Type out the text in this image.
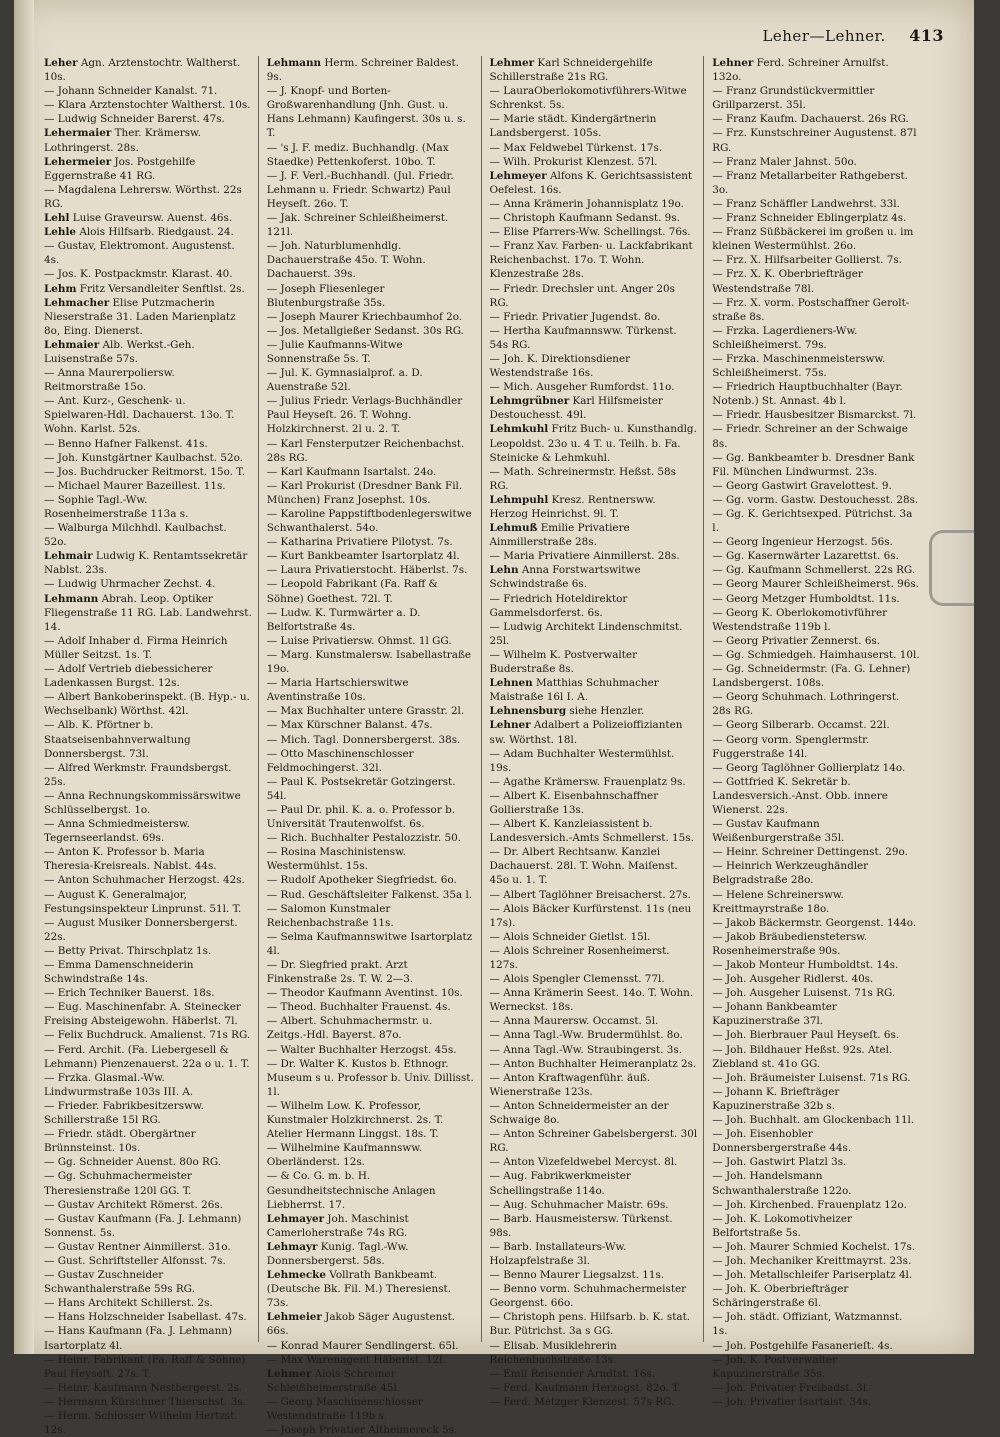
Leher—Lehner. 413

Leher Agn. Arztenstochtr. Waltherst. 10s.

— Johann Schneider Kanalst. 71.

— Klara Arztenstochter Waltherst. 10s.

— Ludwig Schneider Barerst. 47s.

Lehermaier Ther. Krämersw. Lothringerst. 28s.

Lehermeier Jos. Postgehilfe Eggernstraße 41 RG.

— Magdalena Lehrersw. Wörthst. 22s RG.

Lehl Luise Graveursw. Auenst. 46s.

Lehle Alois Hilfsarb. Riedgaust. 24.

— Gustav, Elektromont. Augustenst. 4s.

— Jos. K. Postpackmstr. Klarast. 40.

Lehm Fritz Versandleiter Senftlst. 2s.

Lehmacher Elise Putzmacherin Nieserstraße 31. Laden Marienplatz 8o, Eing. Dienerst.

Lehmaier Alb. Werkst.-Geh. Luisenstraße 57s.

— Anna Maurerpoliersw. Reitmorstraße 15o.

— Ant. Kurz-, Geschenk- u. Spielwaren-Hdl. Dachauerst. 13o. T. Wohn. Karlst. 52s.

— Benno Hafner Falkenst. 41s.

— Joh. Kunstgärtner Kaulbachst. 52o.

— Jos. Buchdrucker Reitmorst. 15o. T.

— Michael Maurer Bazeillest. 11s.

— Sophie Tagl.-Ww. Rosenheimerstraße 113a s.

— Walburga Milchhdl. Kaulbachst. 52o.

Lehmair Ludwig K. Rentamtssekretär Nablst. 23s.

— Ludwig Uhrmacher Zechst. 4.

Lehmann Abrah. Leop. Optiker Fliegenstraße 11 RG. Lab. Landwehrst. 14.

— Adolf Inhaber d. Firma Heinrich Müller Seitzst. 1s. T.

— Adolf Vertrieb diebessicherer Ladenkassen Burgst. 12s.

— Albert Bankoberinspekt. (B. Hyp.- u. Wechselbank) Wörthst. 42l.

— Alb. K. Pförtner b. Staatseisenbahnverwaltung Donnersbergst. 73l.

— Alfred Werkmstr. Fraundsbergst. 25s.

— Anna Rechnungskommissärswitwe Schlüsselbergst. 1o.

— Anna Schmiedmeistersw. Tegernseerlandst. 69s.

— Anton K. Professor b. Maria Theresia-Kreisreals. Nablst. 44s.

— Anton Schuhmacher Herzogst. 42s.

— August K. Generalmajor, Festungsinspekteur Linprunst. 51l. T.

— August Musiker Donnersbergerst. 22s.

— Betty Privat. Thirschplatz 1s.

— Emma Damenschneiderin Schwindstraße 14s.

— Erich Techniker Bauerst. 18s.

— Eug. Maschinenfabr. A. Steinecker Freising Absteigewohn. Häberlst. 7l.

— Felix Buchdruck. Amalienst. 71s RG.

— Ferd. Archit. (Fa. Liebergesell & Lehmann) Pienzenauerst. 22a o u. 1. T.

— Frzka. Glasmal.-Ww. Lindwurmstraße 103s III. A.

— Frieder. Fabrikbesitzersww. Schillerstraße 15l RG.

— Friedr. städt. Obergärtner Brünnsteinst. 10s.

— Gg. Schneider Auenst. 80o RG.

— Gg. Schuhmachermeister Theresienstraße 120l GG. T.

— Gustav Architekt Römerst. 26s.

— Gustav Kaufmann (Fa. J. Lehmann) Sonnenst. 5s.

— Gustav Rentner Ainmillerst. 31o.

— Gust. Schriftsteller Alfonsst. 7s.

— Gustav Zuschneider Schwanthalerstraße 59s RG.

— Hans Architekt Schillerst. 2s.

— Hans Holzschneider Isabellast. 47s.

— Hans Kaufmann (Fa. J. Lehmann) Isartorplatz 4l.

— Heinr. Fabrikant (Fa. Raff & Söhne) Paul Heyseſt. 27s. T.

— Heinr. Kaufmann Nestbergerst. 2s.

— Hermann Kürschner Thierschst. 3s.

— Herm. Schlosser Wilhelm Hertzst. 12s.

Lehmann Herm. Schreiner Baldest. 9s.

— J. Knopf- und Borten-Großwarenhandlung (Jnh. Gust. u. Hans Lehmann) Kaufingerst. 30s u. s. T.

— 's J. F. mediz. Buchhandlg. (Max Staedke) Pettenkoferst. 10bo. T.

— J. F. Verl.-Buchhandl. (Jul. Friedr. Lehmann u. Friedr. Schwartz) Paul Heyseſt. 26o. T.

— Jak. Schreiner Schleißheimerst. 121l.

— Joh. Naturblumenhdlg. Dachauerstraße 45o. T. Wohn. Dachauerst. 39s.

— Joseph Fliesenleger Blutenburgstraße 35s.

— Joseph Maurer Kriechbaumhof 2o.

— Jos. Metallgießer Sedanst. 30s RG.

— Julie Kaufmanns-Witwe Sonnenstraße 5s. T.

— Jul. K. Gymnasialprof. a. D. Auenstraße 52l.

— Julius Friedr. Verlags-Buchhändler Paul Heyseſt. 26. T. Wohng. Holzkirchnerst. 2l u. 2. T.

— Karl Fensterputzer Reichenbachst. 28s RG.

— Karl Kaufmann Isartalst. 24o.

— Karl Prokurist (Dresdner Bank Fil. München) Franz Josephst. 10s.

— Karoline Pappstiftbodenlegerswitwe Schwanthalerst. 54o.

— Katharina Privatiere Pilotyst. 7s.

— Kurt Bankbeamter Isartorplatz 4l.

— Laura Privatierstocht. Häberlst. 7s.

— Leopold Fabrikant (Fa. Raff & Söhne) Goethest. 72l. T.

— Ludw. K. Turmwärter a. D. Belfortstraße 4s.

— Luise Privatiersw. Ohmst. 1l GG.

— Marg. Kunstmalersw. Isabellastraße 19o.

— Maria Hartschierswitwe Aventinstraße 10s.

— Max Buchhalter untere Grasstr. 2l.

— Max Kürschner Balanst. 47s.

— Mich. Tagl. Donnersbergerst. 38s.

— Otto Maschinenschlosser Feldmochingerst. 32l.

— Paul K. Postsekretär Gotzingerst. 54l.

— Paul Dr. phil. K. a. o. Professor b. Universität Trautenwolfst. 6s.

— Rich. Buchhalter Pestalozzistr. 50.

— Rosina Maschinistensw. Westermühlst. 15s.

— Rudolf Apotheker Siegfriedst. 6o.

— Rud. Geschäftsleiter Falkenst. 35a l.

— Salomon Kunstmaler Reichenbachstraße 11s.

— Selma Kaufmannswitwe Isartorplatz 4l.

— Dr. Siegfried prakt. Arzt Finkenstraße 2s. T. W. 2—3.

— Theodor Kaufmann Aventinst. 10s.

— Theod. Buchhalter Frauenst. 4s.

— Albert. Schuhmachermstr. u. Zeitgs.-Hdl. Bayerst. 87o.

— Walter Buchhalter Herzogst. 45s.

— Dr. Walter K. Kustos b. Ethnogr. Museum s u. Professor b. Univ. Dillisst. 1l.

— Wilhelm Low. K. Professor, Kunstmaler Holzkirchnerst. 2s. T. Atelier Hermann Linggst. 18s. T.

— Wilhelmine Kaufmannsww. Oberländerst. 12s.

— & Co. G. m. b. H. Gesundheitstechnische Anlagen Liebherrst. 17.

Lehmayer Joh. Maschinist Camerloherstraße 74s RG.

Lehmayr Kunig. Tagl.-Ww. Donnersbergerst. 58s.

Lehmecke Vollrath Bankbeamt. (Deutsche Bk. Fil. M.) Theresienst. 73s.

Lehmeier Jakob Säger Augustenst. 66s.

— Konrad Maurer Sendlingerst. 65l.

— Max Warenagent Häberlst. 12l.

Lehmer Alois Schreiner Schleißheimerstraße 45l.

— Georg Maschinenschlosser Westendstraße 119b s.

— Joseph Privatier Altheimereck 5s.

Lehmer Karl Schneidergehilfe Schillerstraße 21s RG.

— LauraOberlokomotivführers-Witwe Schrenkst. 5s.

— Marie städt. Kindergärtnerin Landsbergerst. 105s.

— Max Feldwebel Türkenst. 17s.

— Wilh. Prokurist Klenzest. 57l.

Lehmeyer Alfons K. Gerichtsassistent Oefelest. 16s.

— Anna Krämerin Johannisplatz 19o.

— Christoph Kaufmann Sedanst. 9s.

— Elise Pfarrers-Ww. Schellingst. 76s.

— Franz Xav. Farben- u. Lackfabrikant Reichenbachst. 17o. T. Wohn. Klenzestraße 28s.

— Friedr. Drechsler unt. Anger 20s RG.

— Friedr. Privatier Jugendst. 8o.

— Hertha Kaufmannsww. Türkenst. 54s RG.

— Joh. K. Direktionsdiener Westendstraße 16s.

— Mich. Ausgeher Rumfordst. 11o.

Lehmgrübner Karl Hilfsmeister Destouchesst. 49l.

Lehmkuhl Fritz Buch- u. Kunsthandlg. Leopoldst. 23o u. 4 T. u. Teilh. b. Fa. Steinicke & Lehmkuhl.

— Math. Schreinermstr. Heßst. 58s RG.

Lehmpuhl Kresz. Rentnersww. Herzog Heinrichst. 9l. T.

Lehmuß Emilie Privatiere Ainmillerstraße 28s.

— Maria Privatiere Ainmillerst. 28s.

Lehn Anna Forstwartswitwe Schwindstraße 6s.

— Friedrich Hoteldirektor Gammelsdorferst. 6s.

— Ludwig Architekt Lindenschmitst. 25l.

— Wilhelm K. Postverwalter Buderstraße 8s.

Lehnen Matthias Schuhmacher Maistraße 16l I. A.

Lehnensburg siehe Henzler.

Lehner Adalbert a Polizeioffizianten sw. Wörthst. 18l.

— Adam Buchhalter Westermühlst. 19s.

— Agathe Krämersw. Frauenplatz 9s.

— Albert K. Eisenbahnschaffner Gollierstraße 13s.

— Albert K. Kanzleiassistent b. Landesversich.-Amts Schmellerst. 15s.

— Dr. Albert Rechtsanw. Kanzlei Dachauerst. 28l. T. Wohn. Maiſenst. 45o u. 1. T.

— Albert Taglöhner Breisacherst. 27s.

— Alois Bäcker Kurfürstenst. 11s (neu 17s).

— Alois Schneider Gietlst. 15l.

— Alois Schreiner Rosenheimerst. 127s.

— Alois Spengler Clemensst. 77l.

— Anna Krämerin Seest. 14o. T. Wohn. Werneckst. 18s.

— Anna Maurersw. Occamst. 5l.

— Anna Tagl.-Ww. Brudermühlst. 8o.

— Anna Tagl.-Ww. Straubingerst. 3s.

— Anton Buchhalter Heimeranplatz 2s.

— Anton Kraftwagenführ. äuß. Wienerstraße 123s.

— Anton Schneidermeister an der Schwaige 8o.

— Anton Schreiner Gabelsbergerst. 30l RG.

— Anton Vizefeldwebel Mercyst. 8l.

— Aug. Fabrikwerkmeister Schellingstraße 114o.

— Aug. Schuhmacher Maistr. 69s.

— Barb. Hausmeistersw. Türkenst. 98s.

— Barb. Installateurs-Ww. Holzapfelstraße 3l.

— Benno Maurer Liegsalzst. 11s.

— Benno vorm. Schuhmachermeister Georgenst. 66o.

— Christoph pens. Hilfsarb. b. K. stat. Bur. Pütrichst. 3a s GG.

— Elisab. Musiklehrerin Reichenbachstraße 13s.

— Emil Reisender Arndtst. 16s.

— Ferd. Kaufmann Herzogst. 82o. T.

— Ferd. Metzger Klenzest. 57s RG.

Lehner Ferd. Schreiner Arnulfst. 132o.

— Franz Grundstückvermittler Grillparzerst. 35l.

— Franz Kaufm. Dachauerst. 26s RG.

— Frz. Kunstschreiner Augustenst. 87l RG.

— Franz Maler Jahnst. 50o.

— Franz Metallarbeiter Rathgeberst. 3o.

— Franz Schäffler Landwehrst. 33l.

— Franz Schneider Eblingerplatz 4s.

— Franz Süßbäckerei im großen u. im kleinen Westermühlst. 26o.

— Frz. X. Hilfsarbeiter Gollierst. 7s.

— Frz. X. K. Oberbriefträger Westendstraße 78l.

— Frz. X. vorm. Postschaffner Gerolt-straße 8s.

— Frzka. Lagerdieners-Ww. Schleißheimerst. 79s.

— Frzka. Maschinenmeistersww. Schleißheimerst. 75s.

— Friedrich Hauptbuchhalter (Bayr. Notenb.) St. Annast. 4b l.

— Friedr. Hausbesitzer Bismarckst. 7l.

— Friedr. Schreiner an der Schwaige 8s.

— Gg. Bankbeamter b. Dresdner Bank Fil. München Lindwurmst. 23s.

— Georg Gastwirt Gravelottest. 9.

— Gg. vorm. Gastw. Destouchesst. 28s.

— Gg. K. Gerichtsexped. Pütrichst. 3a l.

— Georg Ingenieur Herzogst. 56s.

— Gg. Kasernwärter Lazarettst. 6s.

— Gg. Kaufmann Schmellerst. 22s RG.

— Georg Maurer Schleißheimerst. 96s.

— Georg Metzger Humboldtst. 11s.

— Georg K. Oberlokomotivführer Westendstraße 119b l.

— Georg Privatier Zennerst. 6s.

— Gg. Schmiedgeh. Haimhauserst. 10l.

— Gg. Schneidermstr. (Fa. G. Lehner) Landsbergerst. 108s.

— Georg Schuhmach. Lothringerst. 28s RG.

— Georg Silberarb. Occamst. 22l.

— Georg vorm. Spenglermstr. Fuggerstraße 14l.

— Georg Taglöhner Gollierplatz 14o.

— Gottfried K. Sekretär b. Landesversich.-Anst. Obb. innere Wienerst. 22s.

— Gustav Kaufmann Weißenburgerstraße 35l.

— Heinr. Schreiner Dettingenst. 29o.

— Heinrich Werkzeughändler Belgradstraße 28o.

— Helene Schreinersww. Kreittmayrstraße 18o.

— Jakob Bäckermstr. Georgenst. 144o.

— Jakob Bräubedienstetersw. Rosenheimerstraße 90s.

— Jakob Monteur Humboldtst. 14s.

— Joh. Ausgeher Ridlerst. 40s.

— Joh. Ausgeher Luisenst. 71s RG.

— Johann Bankbeamter Kapuzinerstraße 37l.

— Joh. Bierbrauer Paul Heyseſt. 6s.

— Joh. Bildhauer Heßst. 92s. Atel. Ziebland st. 41o GG.

— Joh. Bräumeister Luisenst. 71s RG.

— Johann K. Briefträger Kapuzinerstraße 32b s.

— Joh. Buchhalt. am Glockenbach 11l.

— Joh. Eisenhobler Donnersbergerstraße 44s.

— Joh. Gastwirt Platzl 3s.

— Joh. Handelsmann Schwanthalerstraße 122o.

— Joh. Kirchenbed. Frauenplatz 12o.

— Joh. K. Lokomotivheizer Belfortstraße 5s.

— Joh. Maurer Schmied Kochelst. 17s.

— Joh. Mechaniker Kreittmayrst. 23s.

— Joh. Metallschleifer Pariserplatz 4l.

— Joh. K. Oberbriefträger Schäringerstraße 6l.

— Joh. städt. Offiziant, Watzmannst. 1s.

— Joh. Postgehilfe Fasanerieſt. 4s.

— Joh. K. Postverwalter Kapuzinerstraße 35s.

— Joh. Privatier Freibadst. 3l.

— Joh. Privatier Isartalst. 34s.
